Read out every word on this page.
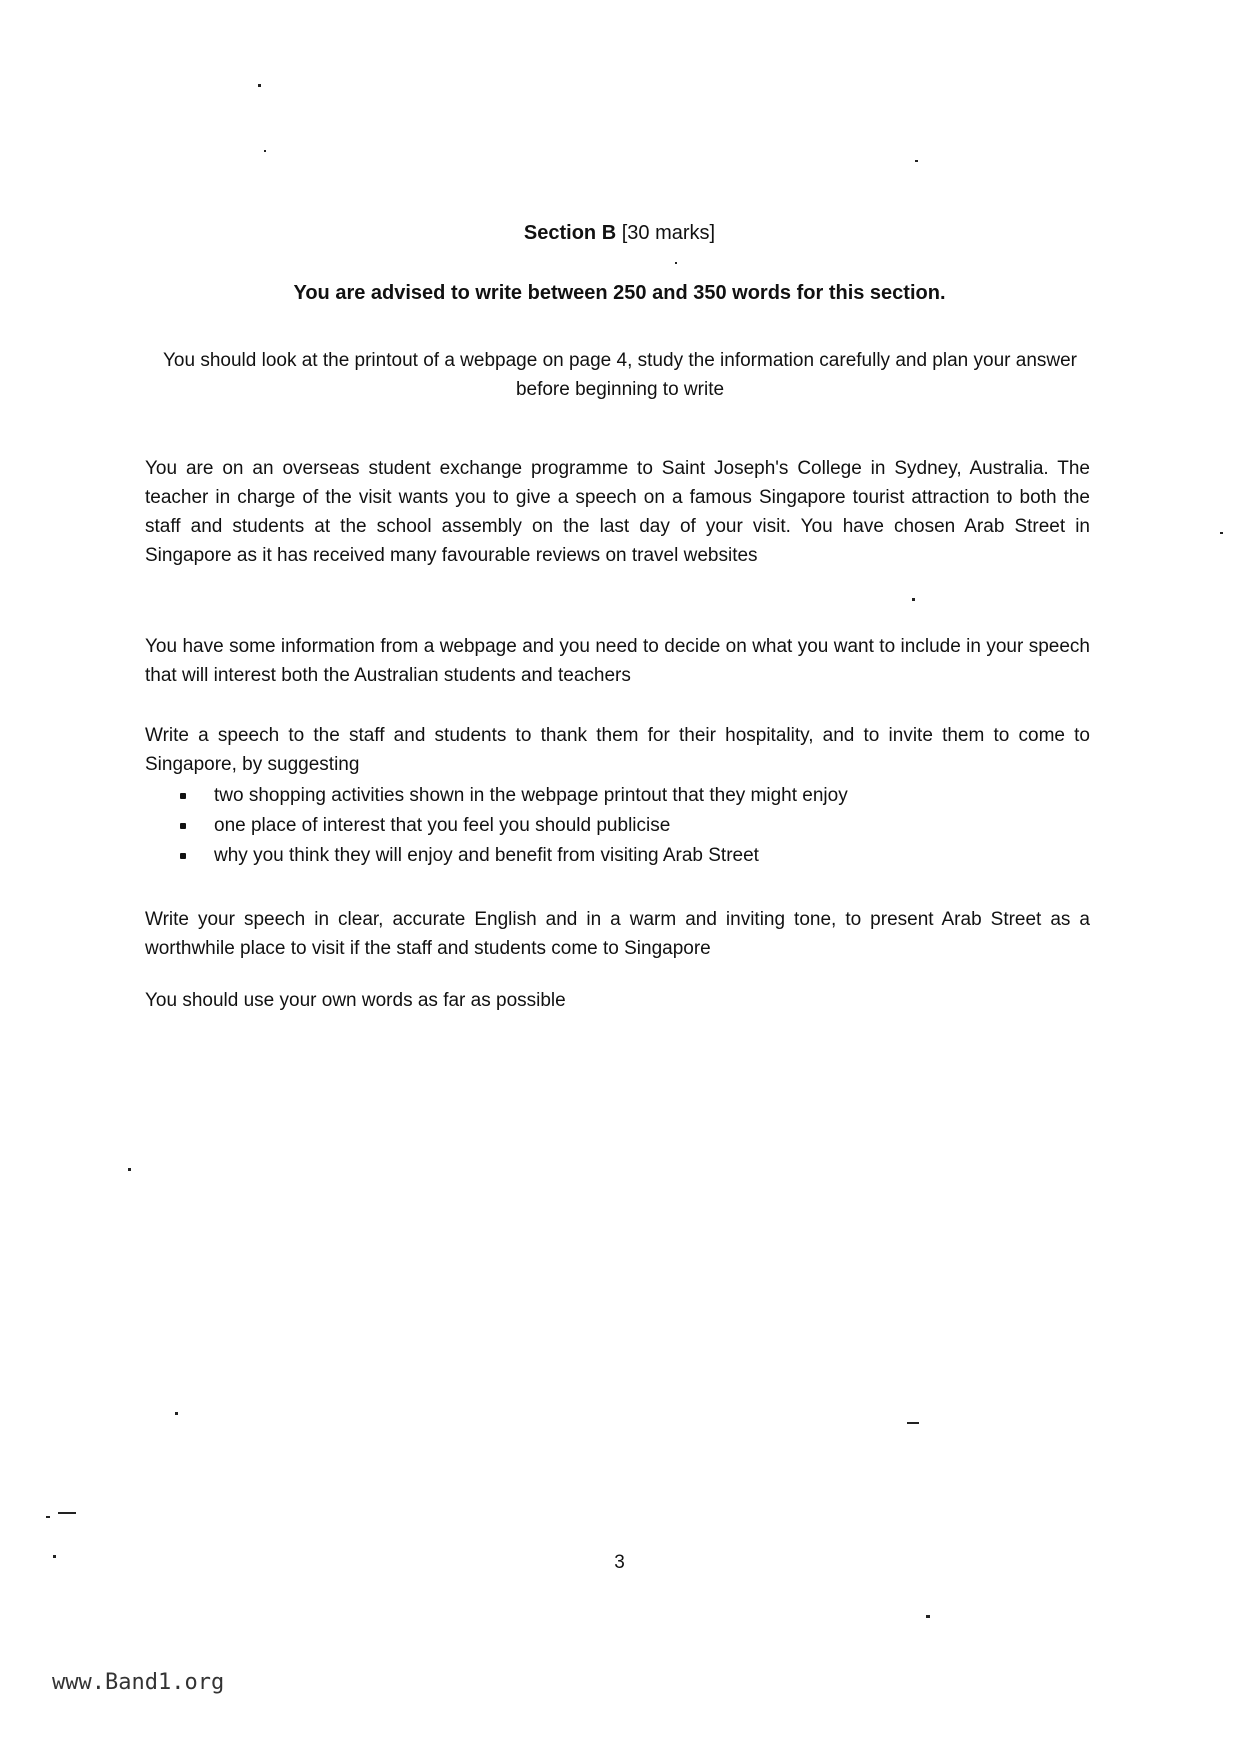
Section B [30 marks]
You are advised to write between 250 and 350 words for this section.
You should look at the printout of a webpage on page 4, study the information carefully and plan your answer before beginning to write
You are on an overseas student exchange programme to Saint Joseph's College in Sydney, Australia. The teacher in charge of the visit wants you to give a speech on a famous Singapore tourist attraction to both the staff and students at the school assembly on the last day of your visit. You have chosen Arab Street in Singapore as it has received many favourable reviews on travel websites
You have some information from a webpage and you need to decide on what you want to include in your speech that will interest both the Australian students and teachers
Write a speech to the staff and students to thank them for their hospitality, and to invite them to come to Singapore, by suggesting
two shopping activities shown in the webpage printout that they might enjoy
one place of interest that you feel you should publicise
why you think they will enjoy and benefit from visiting Arab Street
Write your speech in clear, accurate English and in a warm and inviting tone, to present Arab Street as a worthwhile place to visit if the staff and students come to Singapore
You should use your own words as far as possible
3
www.Band1.org
